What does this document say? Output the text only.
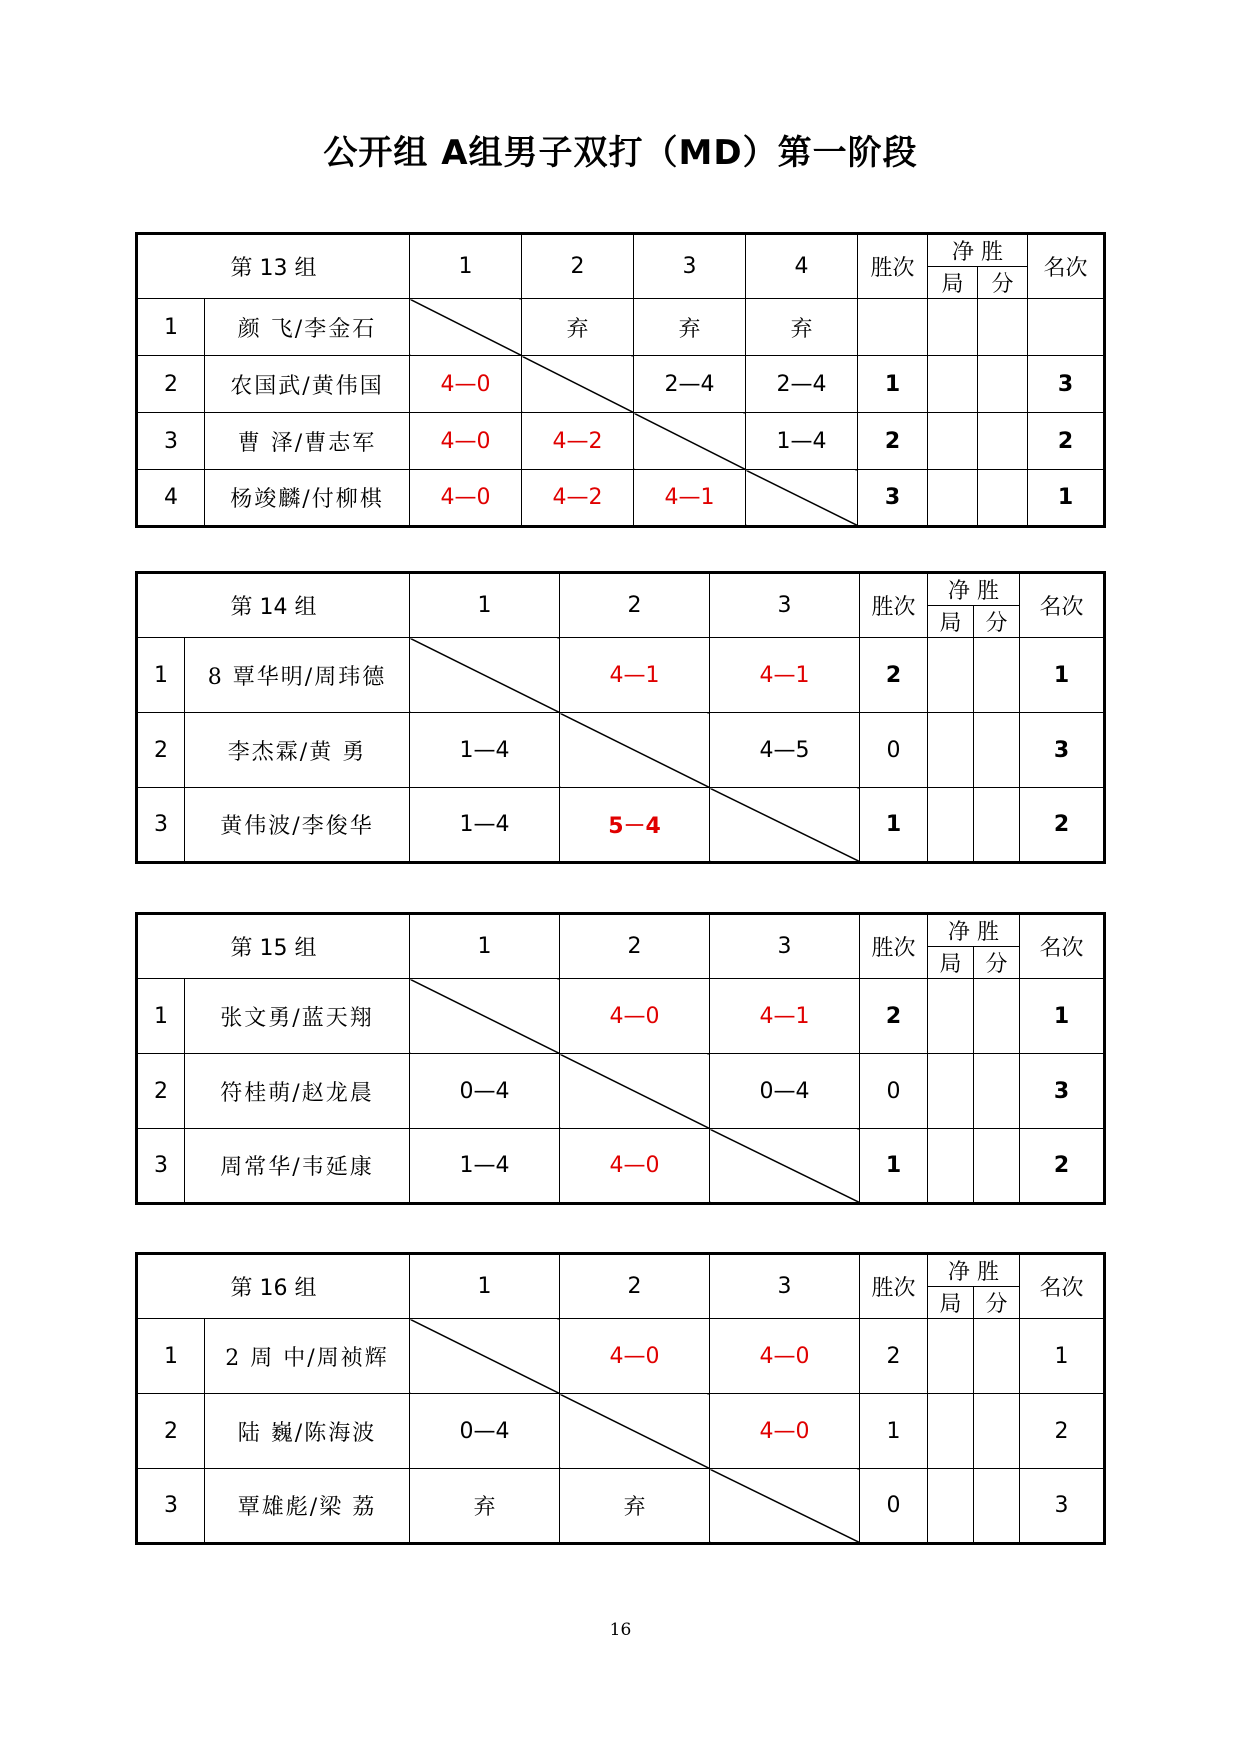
公开组 A组男子双打（MD）第一阶段
第 13 组		1	2	3	4	胜次	净 胜		名次
							局	分	
1	颜 飞/李金石		弃	弃	弃				
2	农国武/黄伟国	4—0		2—4	2—4	1			3
3	曹 泽/曹志军	4—0	4—2		1—4	2			2
4	杨竣麟/付柳棋	4—0	4—2	4—1		3			1
第 14 组		1	2	3	胜次	净 胜		名次
						局	分	
1	8 覃华明/周玮德		4—1	4—1	2			1
2	李杰霖/黄 勇	1—4		4—5	0			3
3	黄伟波/李俊华	1—4	5－4		1			2
第 15 组		1	2	3	胜次	净 胜		名次
						局	分	
1	张文勇/蓝天翔		4—0	4—1	2			1
2	符桂萌/赵龙晨	0—4		0—4	0			3
3	周常华/韦延康	1—4	4—0		1			2
第 16 组		1	2	3	胜次	净 胜		名次
						局	分	
1	2 周 中/周祯辉		4—0	4—0	2			1
2	陆 巍/陈海波	0—4		4—0	1			2
3	覃雄彪/梁 荔	弃	弃		0			3
16
